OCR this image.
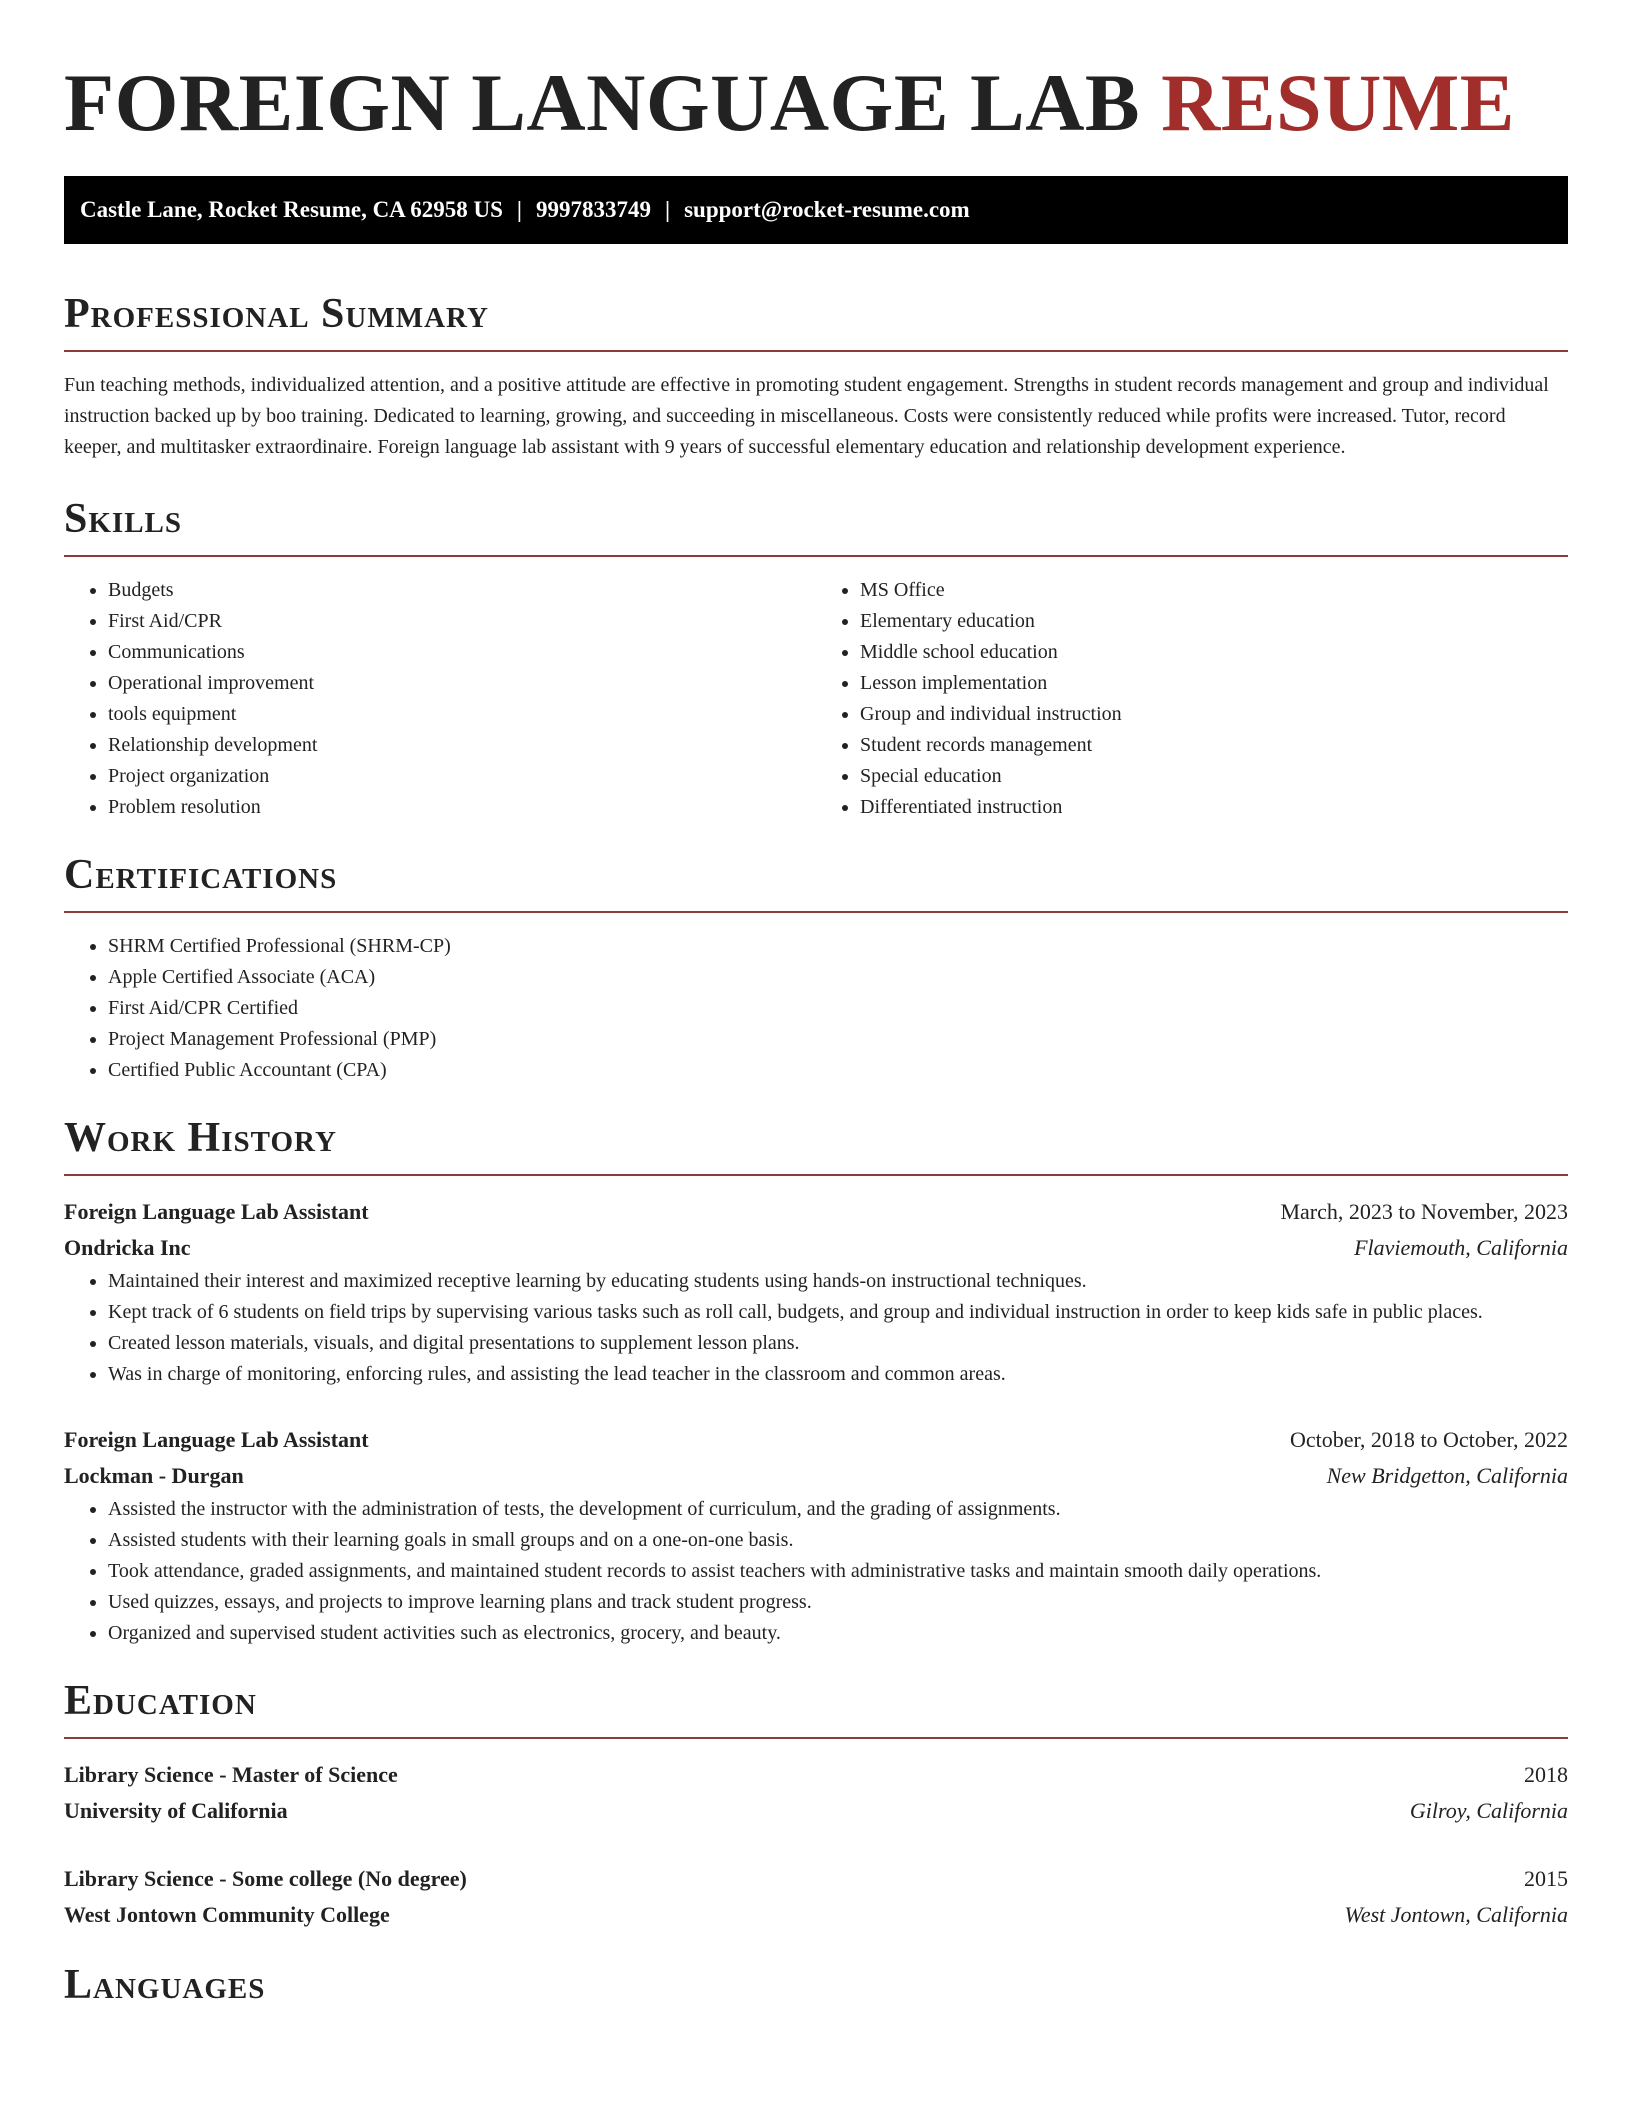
FOREIGN LANGUAGE LAB RESUME
Castle Lane, Rocket Resume, CA 62958 US | 9997833749 | support@rocket-resume.com
Professional Summary

Fun teaching methods, individualized attention, and a positive attitude are effective in promoting student engagement. Strengths in student records management and group and individual instruction backed up by boo training. Dedicated to learning, growing, and succeeding in miscellaneous. Costs were consistently reduced while profits were increased. Tutor, record keeper, and multitasker extraordinaire. Foreign language lab assistant with 9 years of successful elementary education and relationship development experience.

Skills
• Budgets
• First Aid/CPR
• Communications
• Operational improvement
• tools equipment
• Relationship development
• Project organization
• Problem resolution
• MS Office
• Elementary education
• Middle school education
• Lesson implementation
• Group and individual instruction
• Student records management
• Special education
• Differentiated instruction
Certifications
• SHRM Certified Professional (SHRM-CP)
• Apple Certified Associate (ACA)
• First Aid/CPR Certified
• Project Management Professional (PMP)
• Certified Public Accountant (CPA)
Work History
Foreign Language Lab Assistant	March, 2023 to November, 2023
Ondricka Inc	Flaviemouth, California
• Maintained their interest and maximized receptive learning by educating students using hands-on instructional techniques.
• Kept track of 6 students on field trips by supervising various tasks such as roll call, budgets, and group and individual instruction in order to keep kids safe in public places.
• Created lesson materials, visuals, and digital presentations to supplement lesson plans.
• Was in charge of monitoring, enforcing rules, and assisting the lead teacher in the classroom and common areas.
Foreign Language Lab Assistant	October, 2018 to October, 2022
Lockman - Durgan	New Bridgetton, California
• Assisted the instructor with the administration of tests, the development of curriculum, and the grading of assignments.
• Assisted students with their learning goals in small groups and on a one-on-one basis.
• Took attendance, graded assignments, and maintained student records to assist teachers with administrative tasks and maintain smooth daily operations.
• Used quizzes, essays, and projects to improve learning plans and track student progress.
• Organized and supervised student activities such as electronics, grocery, and beauty.
Education
Library Science - Master of Science	2018
University of California	Gilroy, California
Library Science - Some college (No degree)	2015
West Jontown Community College	West Jontown, California
Languages
